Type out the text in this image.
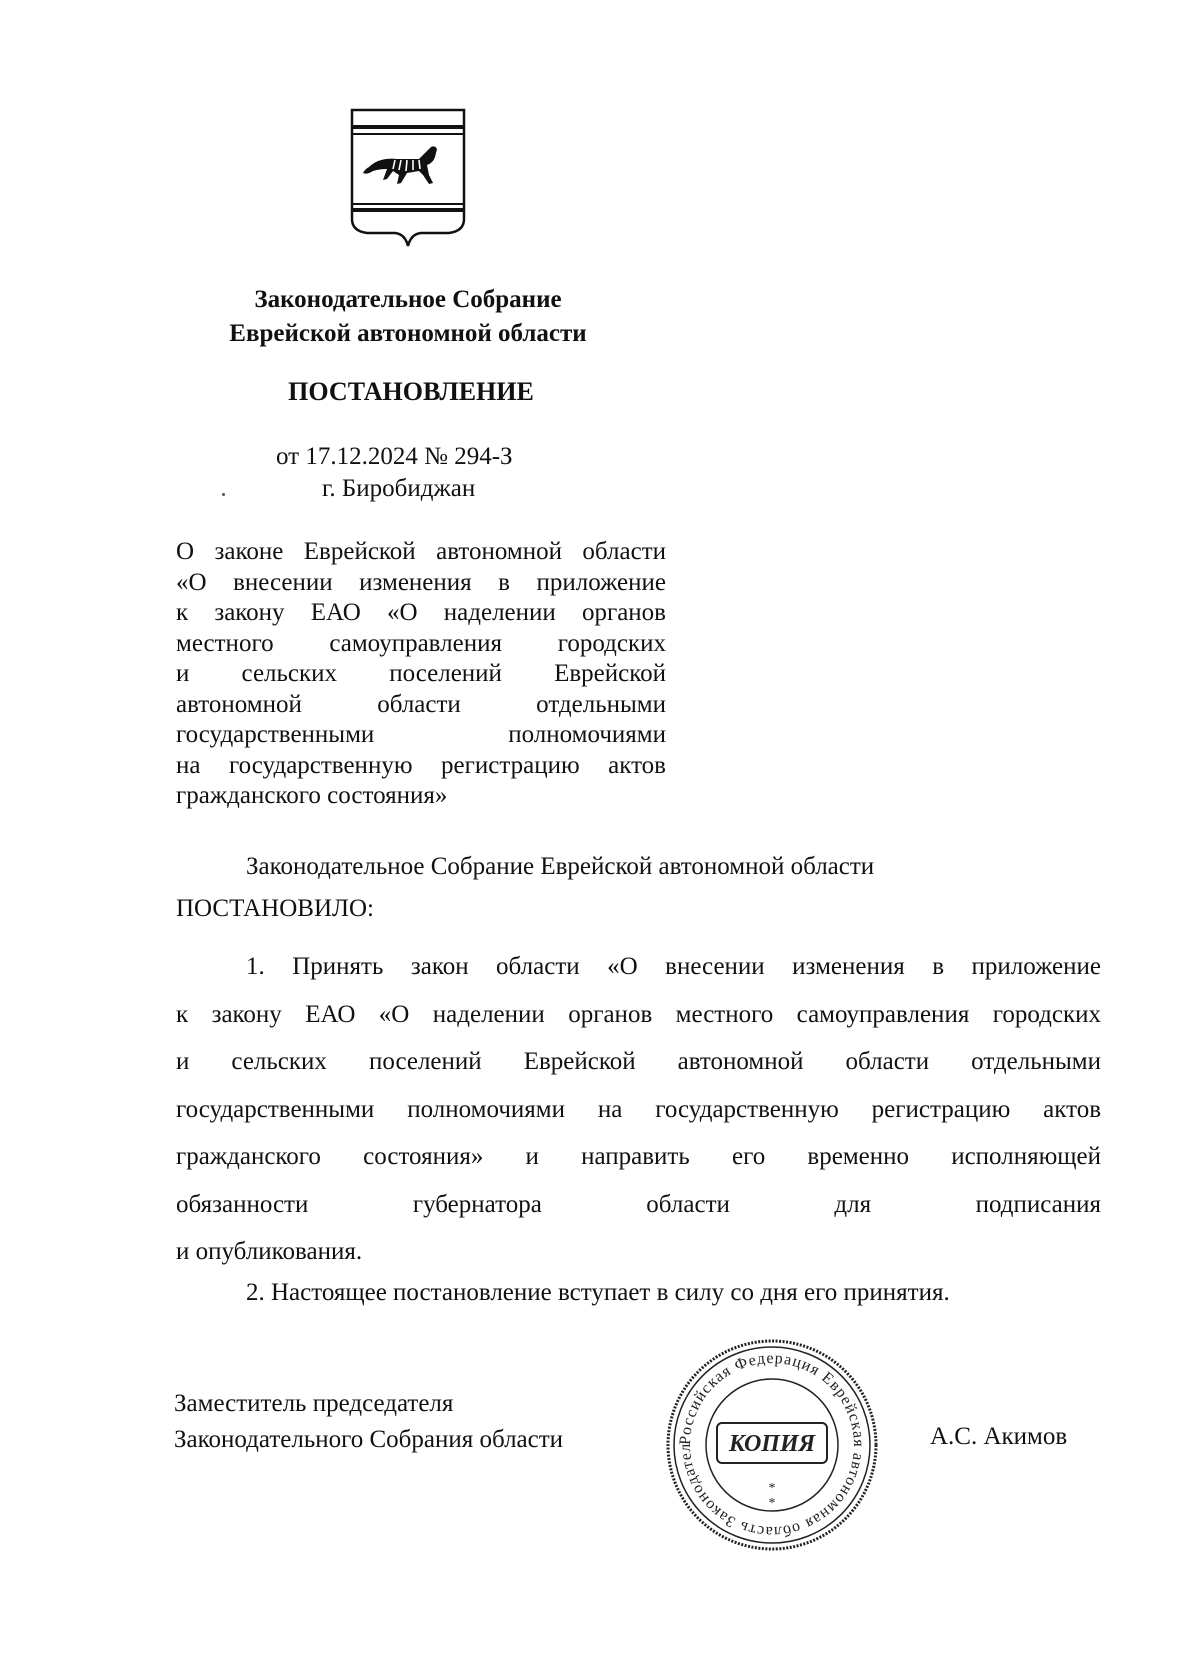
Законодательное Собрание
Еврейской автономной области
ПОСТАНОВЛЕНИЕ
от 17.12.2024 № 294-З
г. Биробиджан
О законе Еврейской автономной области
«О внесении изменения в приложение
к закону ЕАО «О наделении органов
местного самоуправления городских
и сельских поселений Еврейской
автономной области отдельными
государственными полномочиями
на государственную регистрацию актов
гражданского состояния»
Законодательное Собрание Еврейской автономной области
ПОСТАНОВИЛО:
1. Принять закон области «О внесении изменения в приложение
к закону ЕАО «О наделении органов местного самоуправления городских
и сельских поселений Еврейской автономной области отдельными
государственными полномочиями на государственную регистрацию актов
гражданского состояния» и направить его временно исполняющей
обязанности губернатора области для подписания
и опубликования.
2. Настоящее постановление вступает в силу со дня его принятия.
Заместитель председателя
Законодательного Собрания области	А.С. Акимов
Российская Федерация Еврейская автономная область Законодател	КОПИЯ
*
*
